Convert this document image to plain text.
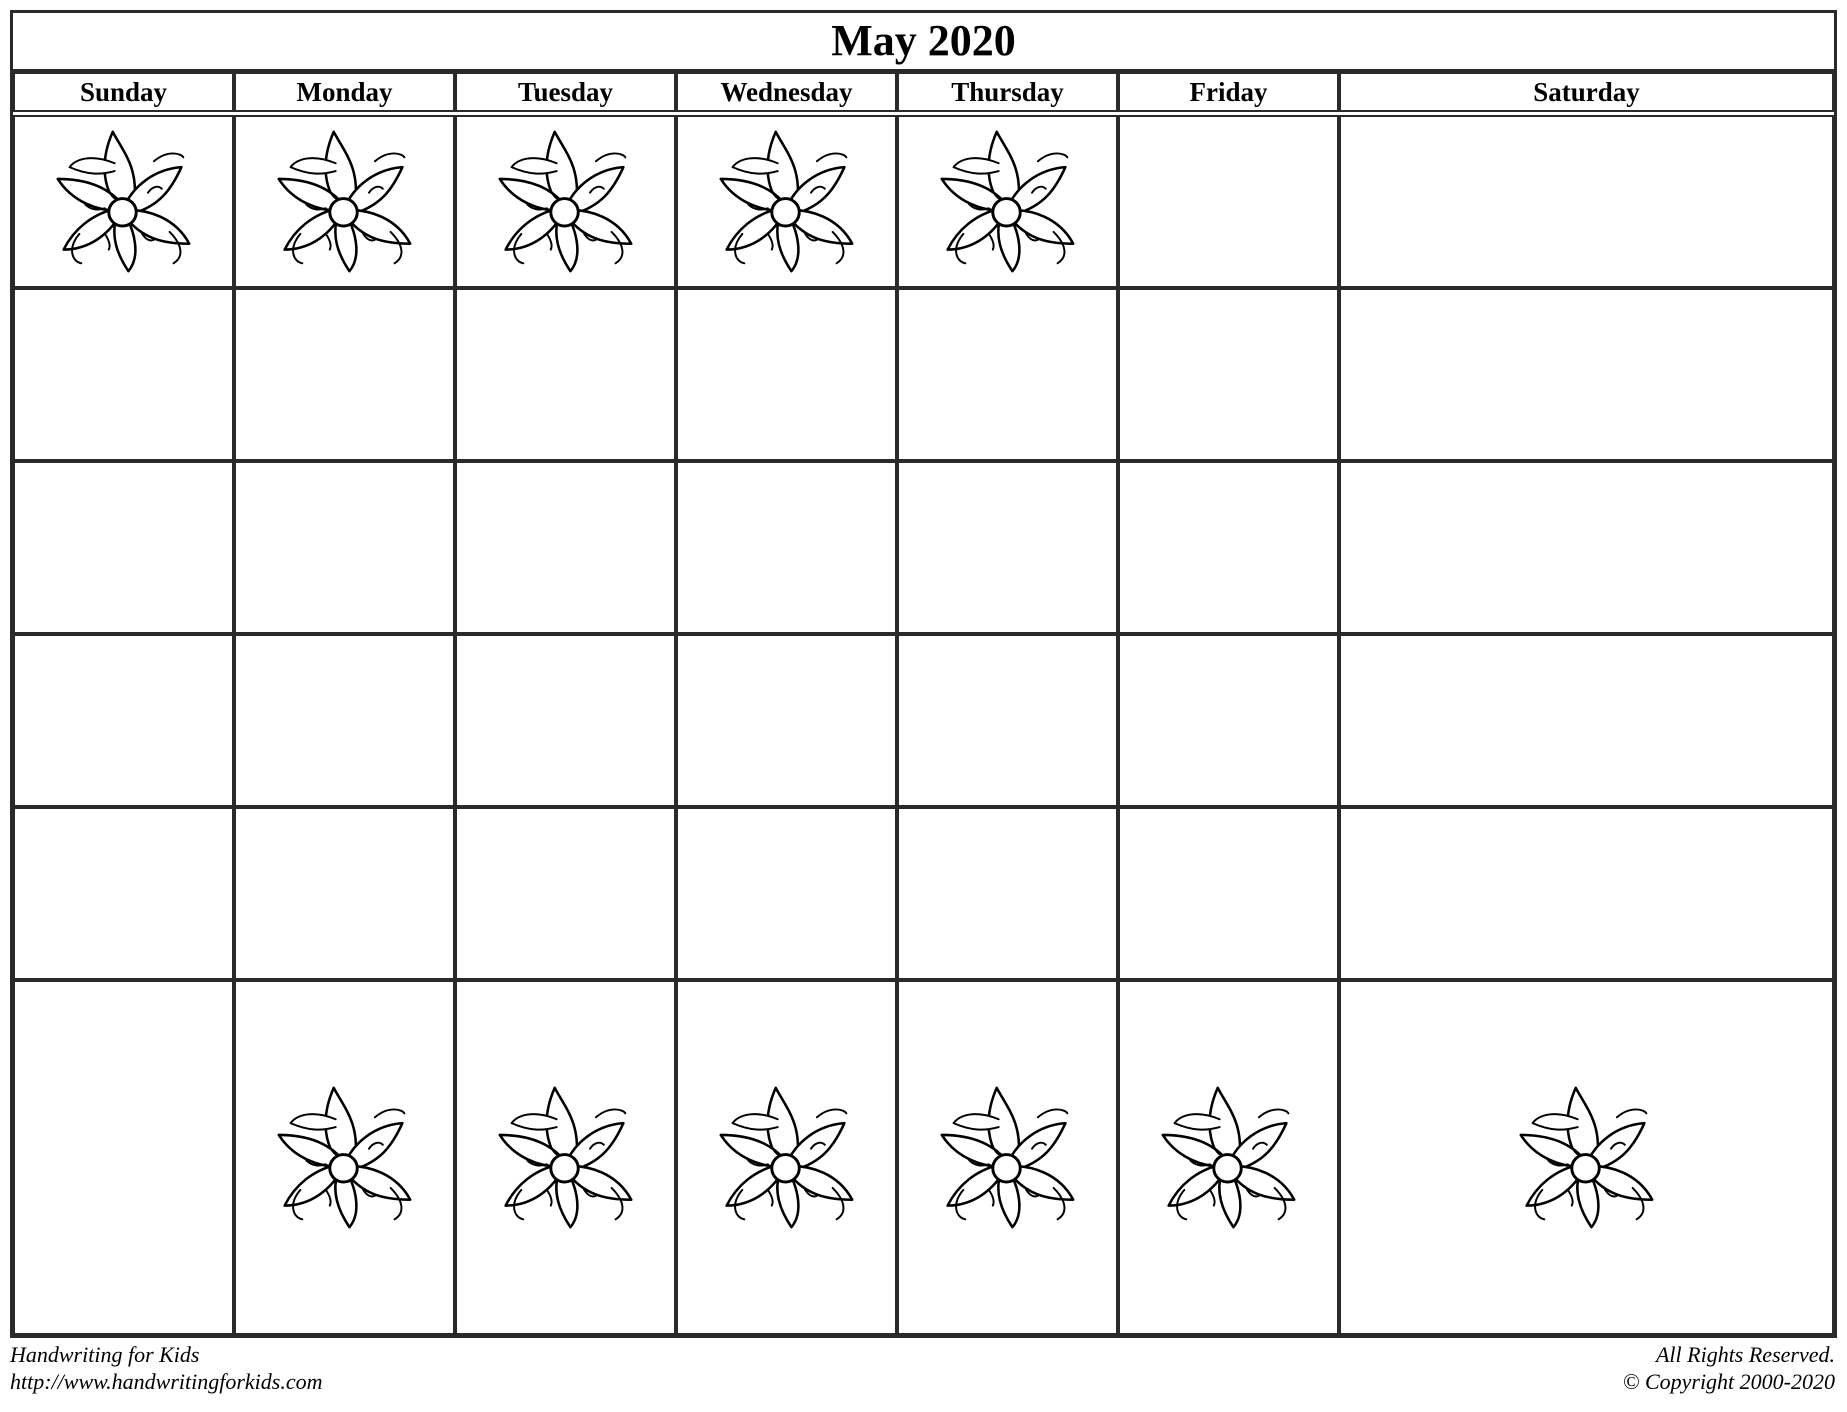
May 2020
Sunday	Monday	Tuesday	Wednesday	Thursday	Friday	Saturday
Handwriting for Kids
http://www.handwritingforkids.com
All Rights Reserved.
© Copyright 2000-2020
